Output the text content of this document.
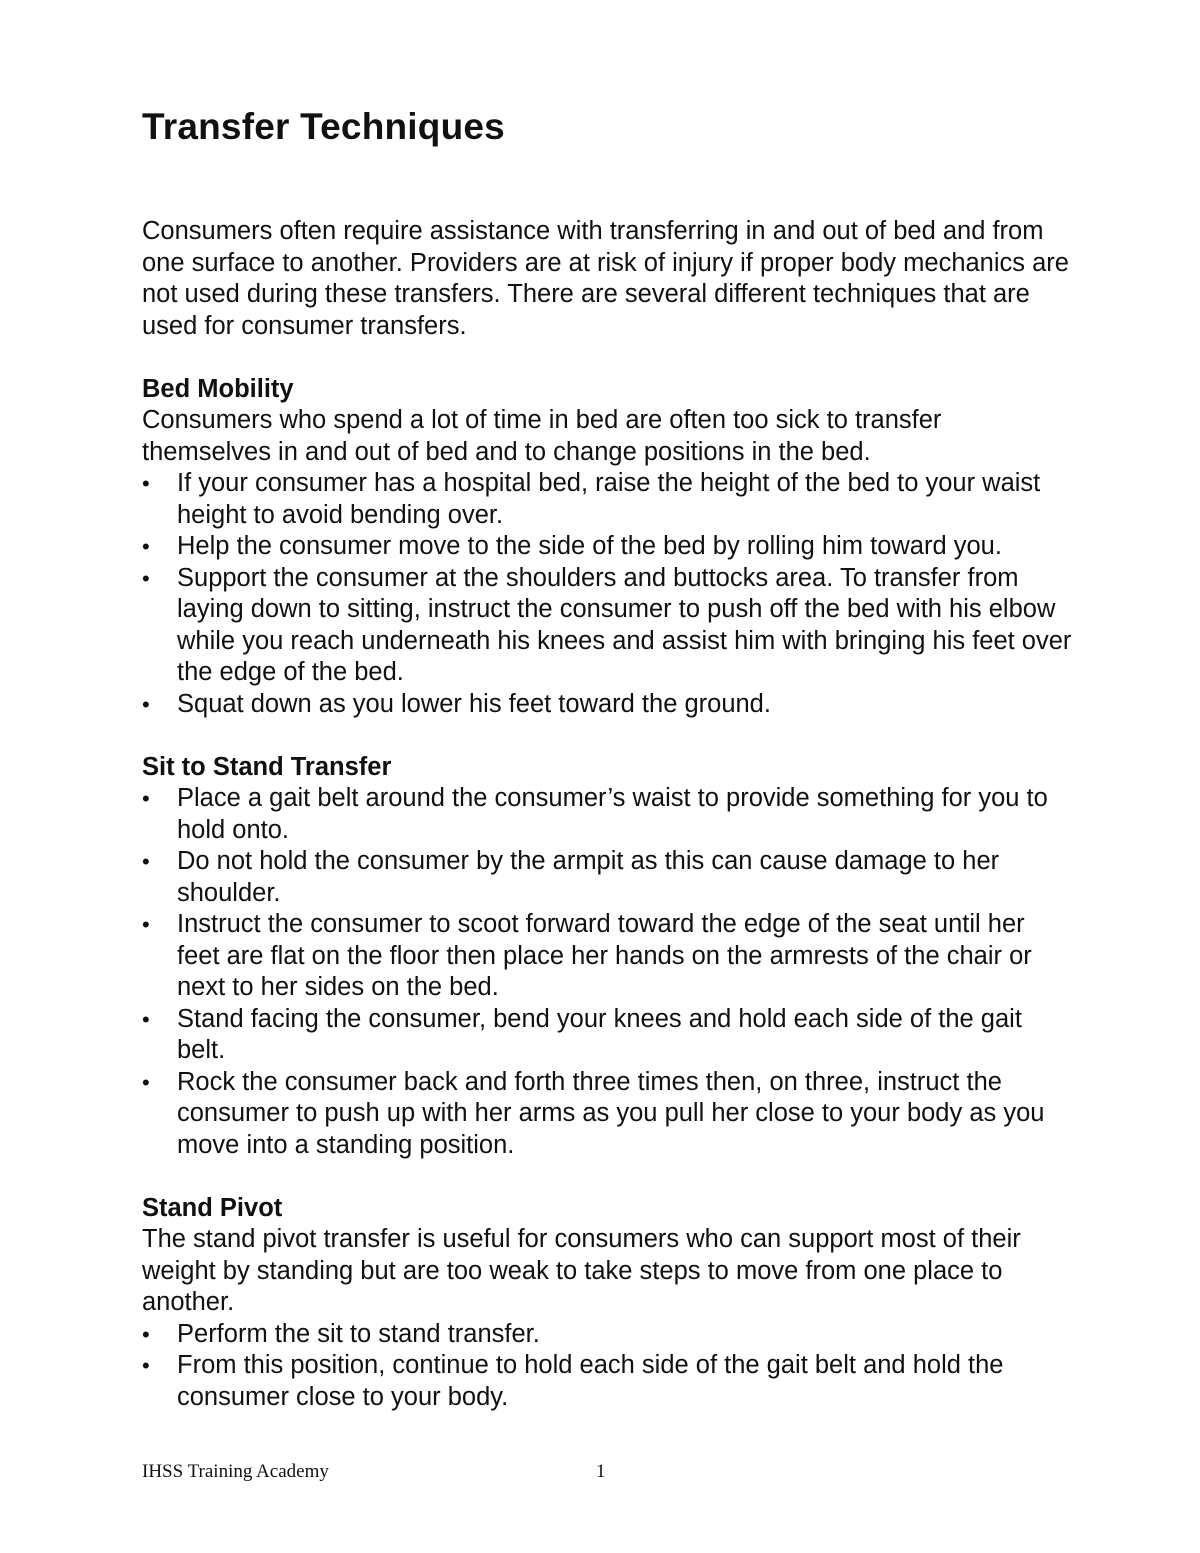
Transfer Techniques

Consumers often require assistance with transferring in and out of bed and from one surface to another. Providers are at risk of injury if proper body mechanics are not used during these transfers. There are several different techniques that are used for consumer transfers.

Bed Mobility

Consumers who spend a lot of time in bed are often too sick to transfer themselves in and out of bed and to change positions in the bed.

•	If your consumer has a hospital bed, raise the height of the bed to your waist height to avoid bending over.
•	Help the consumer move to the side of the bed by rolling him toward you.
•	Support the consumer at the shoulders and buttocks area. To transfer from laying down to sitting, instruct the consumer to push off the bed with his elbow while you reach underneath his knees and assist him with bringing his feet over the edge of the bed.
•	Squat down as you lower his feet toward the ground.
Sit to Stand Transfer
•	Place a gait belt around the consumer’s waist to provide something for you to hold onto.
•	Do not hold the consumer by the armpit as this can cause damage to her shoulder.
•	Instruct the consumer to scoot forward toward the edge of the seat until her feet are flat on the floor then place her hands on the armrests of the chair or next to her sides on the bed.
•	Stand facing the consumer, bend your knees and hold each side of the gait belt.
•	Rock the consumer back and forth three times then, on three, instruct the consumer to push up with her arms as you pull her close to your body as you move into a standing position.
Stand Pivot

The stand pivot transfer is useful for consumers who can support most of their weight by standing but are too weak to take steps to move from one place to another.

•	Perform the sit to stand transfer.
•	From this position, continue to hold each side of the gait belt and hold the consumer close to your body.
IHSS Training Academy	1
